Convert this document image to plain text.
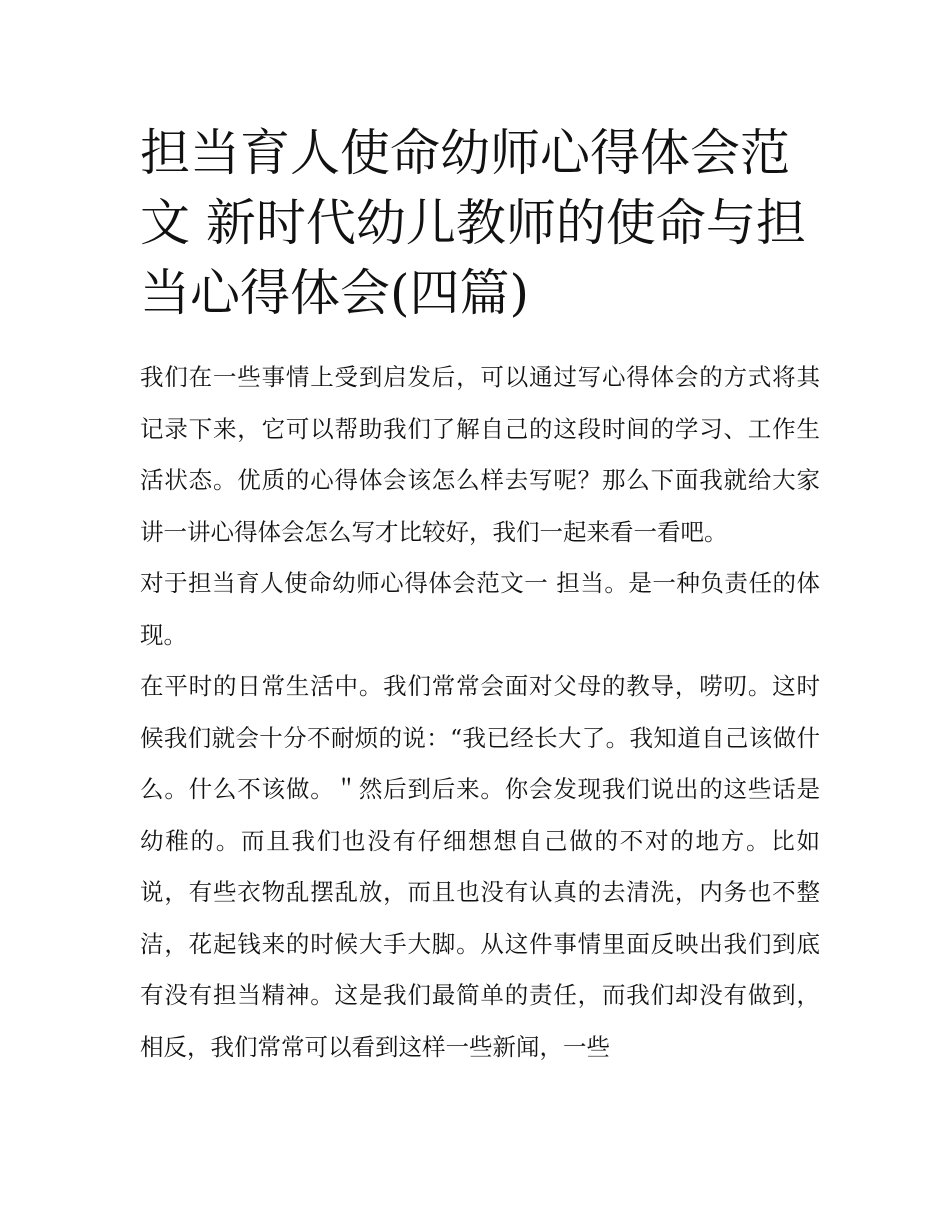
担当育人使命幼师心得体会范文 新时代幼儿教师的使命与担当心得体会(四篇)

我们在一些事情上受到启发后，可以通过写心得体会的方式将其记录下来，它可以帮助我们了解自己的这段时间的学习、工作生活状态。优质的心得体会该怎么样去写呢？那么下面我就给大家讲一讲心得体会怎么写才比较好，我们一起来看一看吧。

对于担当育人使命幼师心得体会范文一 担当。是一种负责任的体现。

在平时的日常生活中。我们常常会面对父母的教导，唠叨。这时候我们就会十分不耐烦的说：“我已经长大了。我知道自己该做什么。什么不该做。＂然后到后来。你会发现我们说出的这些话是幼稚的。而且我们也没有仔细想想自己做的不对的地方。比如说，有些衣物乱摆乱放，而且也没有认真的去清洗，内务也不整洁，花起钱来的时候大手大脚。从这件事情里面反映出我们到底有没有担当精神。这是我们最简单的责任，而我们却没有做到，相反，我们常常可以看到这样一些新闻，一些
